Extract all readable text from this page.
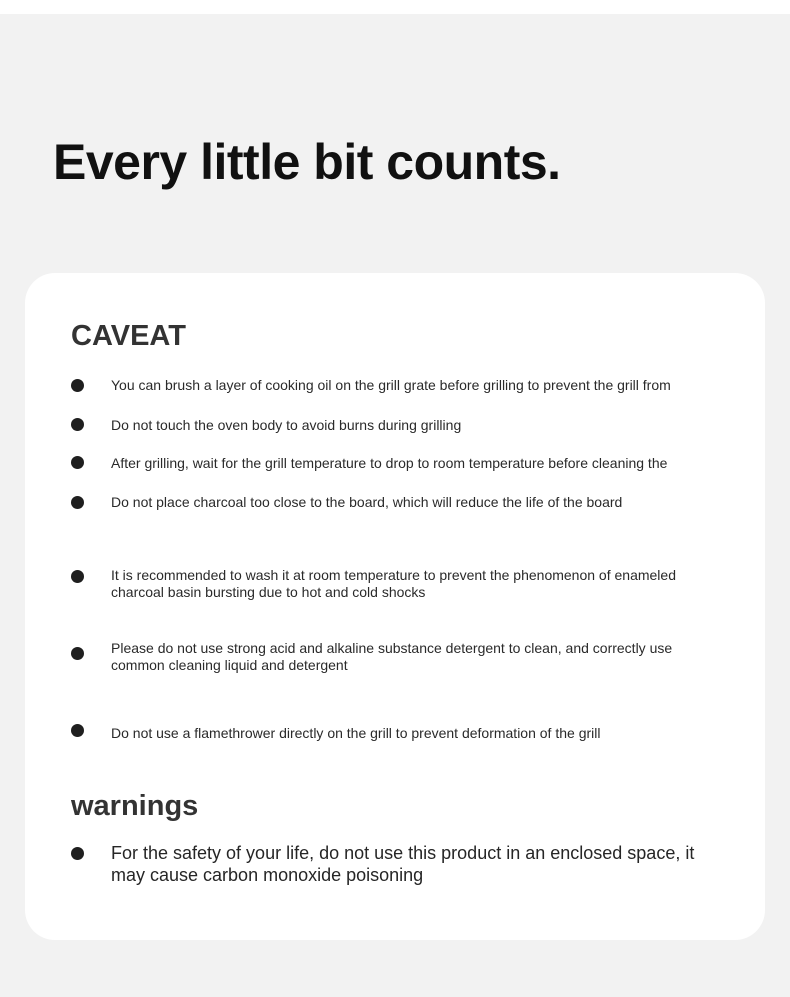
Every little bit counts.
CAVEAT
You can brush a layer of cooking oil on the grill grate before grilling to prevent the grill from
Do not touch the oven body to avoid burns during grilling
After grilling, wait for the grill temperature to drop to room temperature before cleaning the
Do not place charcoal too close to the board, which will reduce the life of the board
It is recommended to wash it at room temperature to prevent the phenomenon of enameled charcoal basin bursting due to hot and cold shocks
Please do not use strong acid and alkaline substance detergent to clean, and correctly use common cleaning liquid and detergent
Do not use a flamethrower directly on the grill to prevent deformation of the grill
warnings
For the safety of your life, do not use this product in an enclosed space, it may cause carbon monoxide poisoning
